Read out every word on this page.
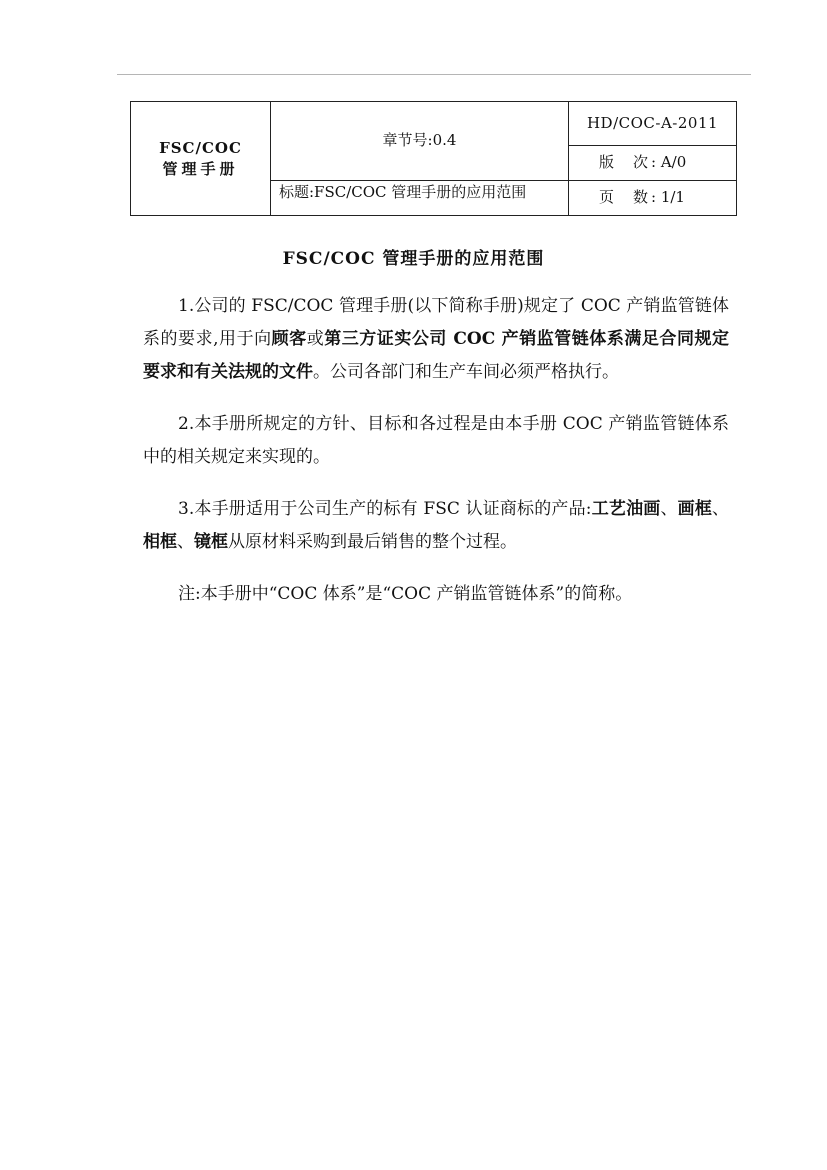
FSC/COC
管理手册	章节号:0.4	HD/COC-A-2011
		版　次: A/0
	标题:FSC/COC 管理手册的应用范围	页　数: 1/1
FSC/COC 管理手册的应用范围

1.公司的 FSC/COC 管理手册(以下简称手册)规定了 COC 产销监管链体系的要求,用于向顾客或第三方证实公司 COC 产销监管链体系满足合同规定要求和有关法规的文件。公司各部门和生产车间必须严格执行。

2.本手册所规定的方针、目标和各过程是由本手册 COC 产销监管链体系中的相关规定来实现的。

3.本手册适用于公司生产的标有 FSC 认证商标的产品:工艺油画、画框、相框、镜框从原材料采购到最后销售的整个过程。

注:本手册中“COC 体系”是“COC 产销监管链体系”的简称。
